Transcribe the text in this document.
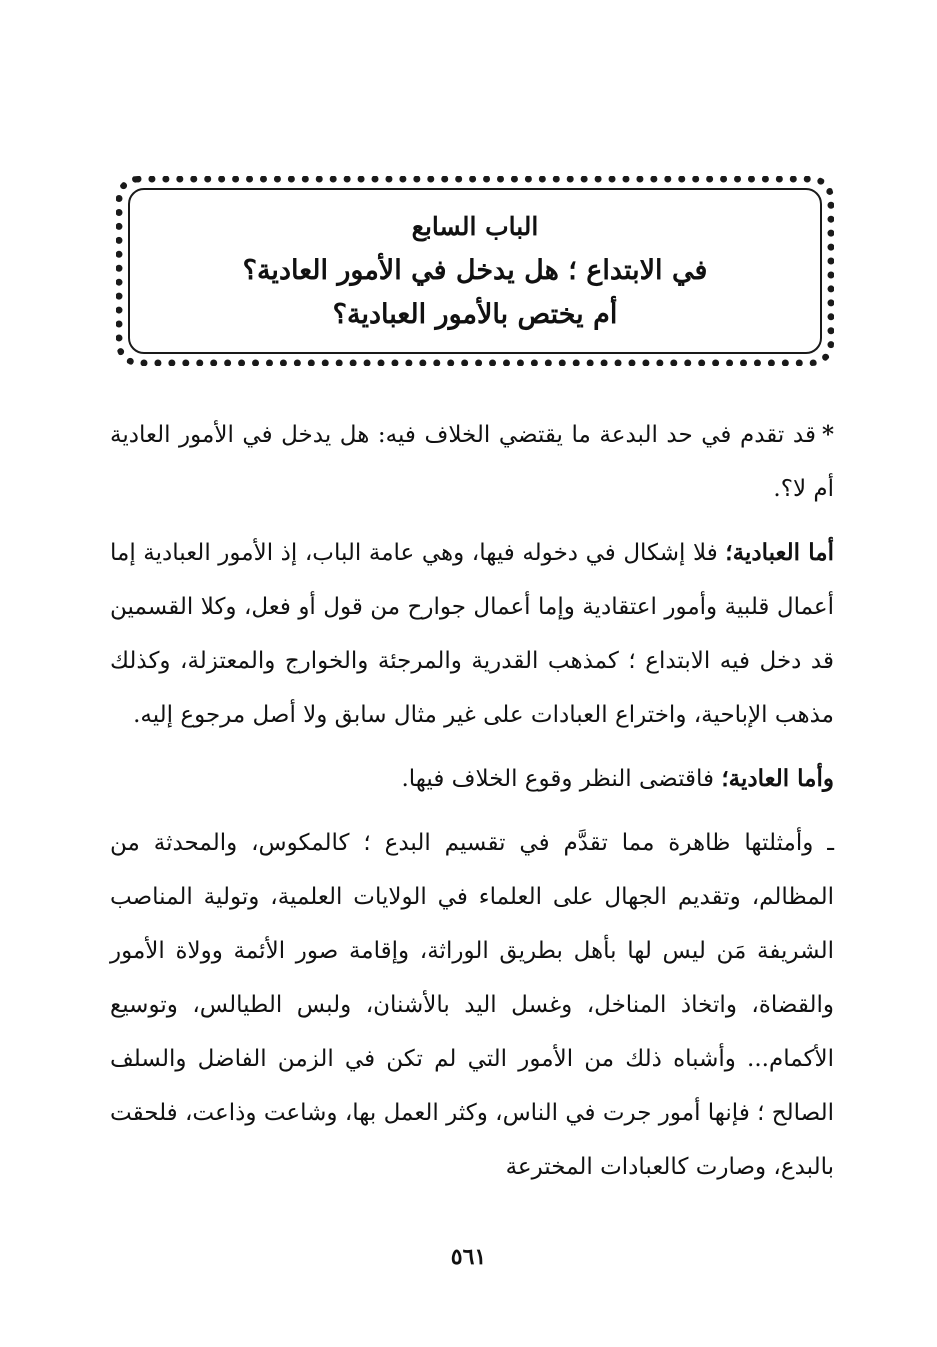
الباب السابع
في الابتداع ؛ هل يدخل في الأمور العادية؟
أم يختص بالأمور العبادية؟

*قد تقدم في حد البدعة ما يقتضي الخلاف فيه: هل يدخل في الأمور العادية أم لا؟.

أما العبادية؛ فلا إشكال في دخوله فيها، وهي عامة الباب، إذ الأمور العبادية إما أعمال قلبية وأمور اعتقادية وإما أعمال جوارح من قول أو فعل، وكلا القسمين قد دخل فيه الابتداع ؛ كمذهب القدرية والمرجئة والخوارج والمعتزلة، وكذلك مذهب الإباحية، واختراع العبادات على غير مثال سابق ولا أصل مرجوع إليه.

وأما العادية؛ فاقتضى النظر وقوع الخلاف فيها.

ـ وأمثلتها ظاهرة مما تقدَّم في تقسيم البدع ؛ كالمكوس، والمحدثة من المظالم، وتقديم الجهال على العلماء في الولايات العلمية، وتولية المناصب الشريفة مَن ليس لها بأهل بطريق الوراثة، وإقامة صور الأئمة وولاة الأمور والقضاة، واتخاذ المناخل، وغسل اليد بالأشنان، ولبس الطيالس، وتوسيع الأكمام... وأشباه ذلك من الأمور التي لم تكن في الزمن الفاضل والسلف الصالح ؛ فإنها أمور جرت في الناس، وكثر العمل بها، وشاعت وذاعت، فلحقت بالبدع، وصارت كالعبادات المخترعة

٥٦١
